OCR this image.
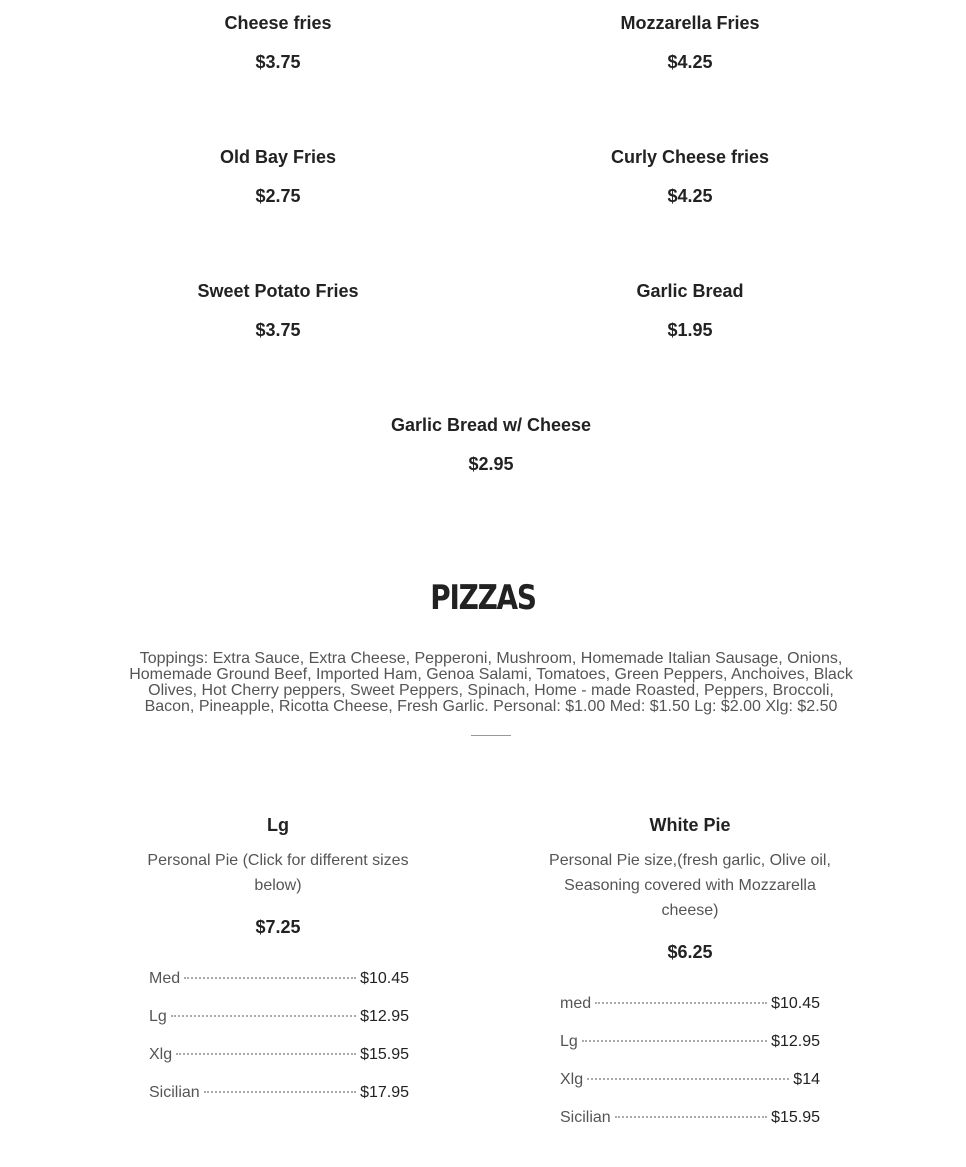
Cheese fries
$3.75
Mozzarella Fries
$4.25
Old Bay Fries
$2.75
Curly Cheese fries
$4.25
Sweet Potato Fries
$3.75
Garlic Bread
$1.95
Garlic Bread w/ Cheese
$2.95
PIZZAS
Toppings: Extra Sauce, Extra Cheese, Pepperoni, Mushroom, Homemade Italian Sausage, Onions, Homemade Ground Beef, Imported Ham, Genoa Salami, Tomatoes, Green Peppers, Anchoives, Black Olives, Hot Cherry peppers, Sweet Peppers, Spinach, Home - made Roasted, Peppers, Broccoli, Bacon, Pineapple, Ricotta Cheese, Fresh Garlic. Personal: $1.00 Med: $1.50 Lg: $2.00 Xlg: $2.50
Lg
Personal Pie (Click for different sizes below)
$7.25
Med	$10.45
Lg	$12.95
Xlg	$15.95
Sicilian	$17.95
White Pie
Personal Pie size,(fresh garlic, Olive oil, Seasoning covered with Mozzarella cheese)
$6.25
med	$10.45
Lg	$12.95
Xlg	$14
Sicilian	$15.95
